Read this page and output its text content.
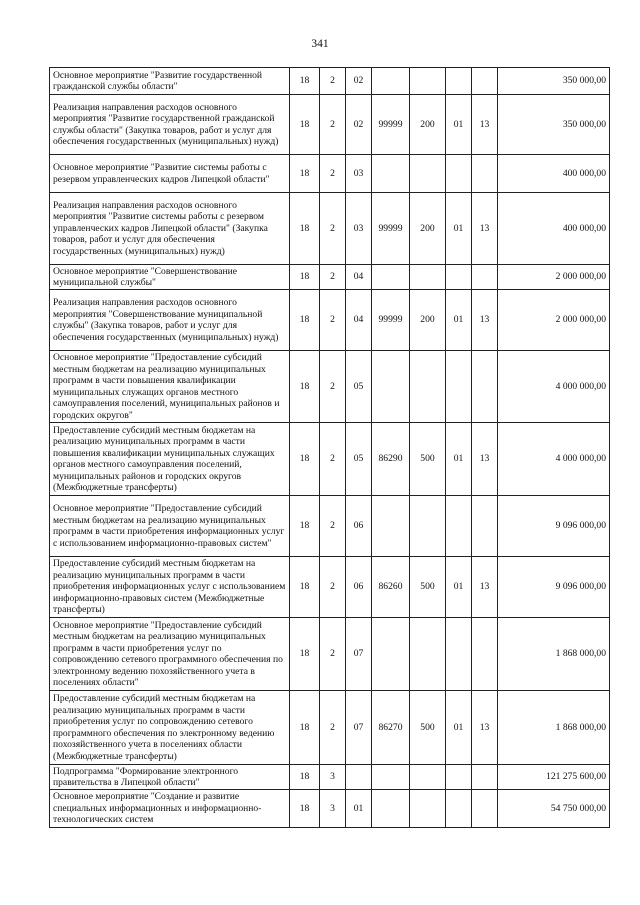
341
Основное мероприятие "Развитие государственной гражданской службы области"	18	2	02					350 000,00
Реализация направления расходов основного мероприятия "Развитие государственной гражданской службы области" (Закупка товаров, работ и услуг для обеспечения государственных (муниципальных) нужд)	18	2	02	99999	200	01	13	350 000,00
Основное мероприятие "Развитие системы работы с резервом управленческих кадров Липецкой области"	18	2	03					400 000,00
Реализация направления расходов основного мероприятия "Развитие системы работы с резервом управленческих кадров Липецкой области" (Закупка товаров, работ и услуг для обеспечения государственных (муниципальных) нужд)	18	2	03	99999	200	01	13	400 000,00
Основное мероприятие "Совершенствование муниципальной службы"	18	2	04					2 000 000,00
Реализация направления расходов основного мероприятия "Совершенствование муниципальной службы" (Закупка товаров, работ и услуг для обеспечения государственных (муниципальных) нужд)	18	2	04	99999	200	01	13	2 000 000,00
Основное мероприятие "Предоставление субсидий местным бюджетам на реализацию муниципальных программ в части повышения квалификации муниципальных служащих органов местного самоуправления поселений, муниципальных районов и городских округов"	18	2	05					4 000 000,00
Предоставление субсидий местным бюджетам на реализацию муниципальных программ в части повышения квалификации муниципальных служащих органов местного самоуправления поселений, муниципальных районов и городских округов (Межбюджетные трансферты)	18	2	05	86290	500	01	13	4 000 000,00
Основное мероприятие "Предоставление субсидий местным бюджетам на реализацию муниципальных программ в части приобретения информационных услуг с использованием информационно-правовых систем"	18	2	06					9 096 000,00
Предоставление субсидий местным бюджетам на реализацию муниципальных программ в части приобретения информационных услуг с использованием информационно-правовых систем (Межбюджетные трансферты)	18	2	06	86260	500	01	13	9 096 000,00
Основное мероприятие "Предоставление субсидий местным бюджетам на реализацию муниципальных программ в части приобретения услуг по сопровождению сетевого программного обеспечения по электронному ведению похозяйственного учета в поселениях области"	18	2	07					1 868 000,00
Предоставление субсидий местным бюджетам на реализацию муниципальных программ в части приобретения услуг по сопровождению сетевого программного обеспечения по электронному ведению похозяйственного учета в поселениях области (Межбюджетные трансферты)	18	2	07	86270	500	01	13	1 868 000,00
Подпрограмма "Формирование электронного правительства в Липецкой области"	18	3						121 275 600,00
Основное мероприятие "Создание и развитие специальных информационных и информационно-технологических систем	18	3	01					54 750 000,00
